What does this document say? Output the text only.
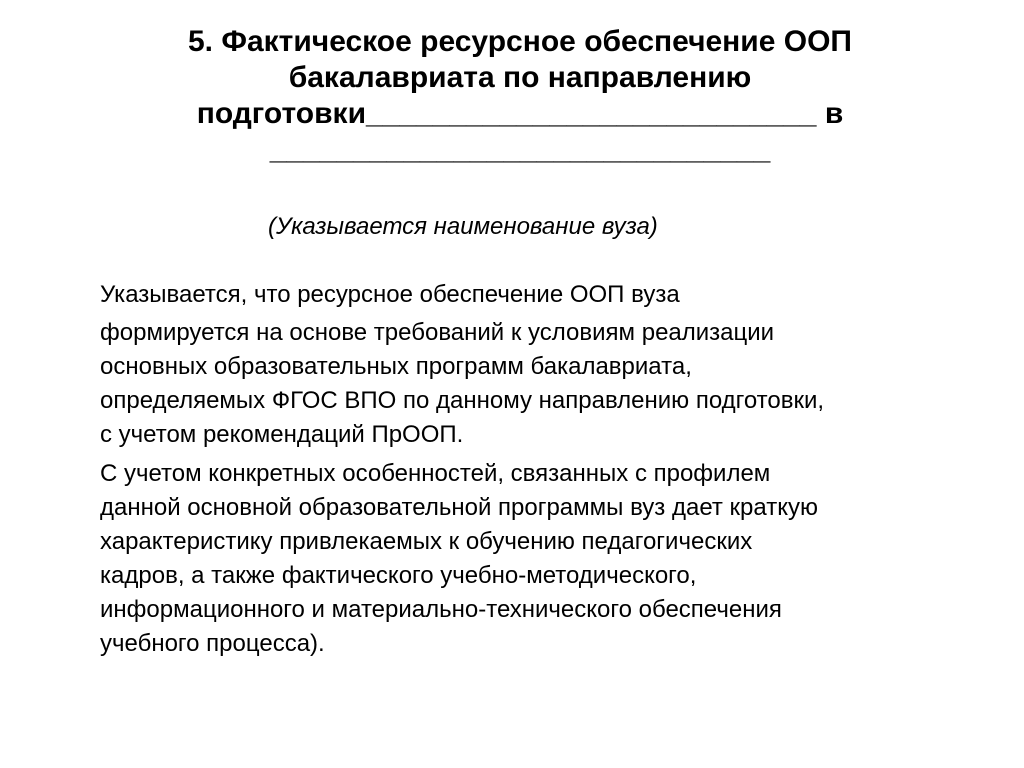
5. Фактическое ресурсное обеспечение ООП
бакалавриата по направлению
подготовки___________________________ в
______________________________
(Указывается наименование вуза)

Указывается, что ресурсное обеспечение ООП вуза
формируется на основе требований к условиям реализации
основных образовательных программ бакалавриата,
определяемых ФГОС ВПО по данному направлению подготовки,
с учетом рекомендаций ПрООП.

С учетом конкретных особенностей, связанных с профилем
данной основной образовательной программы вуз дает краткую
характеристику привлекаемых к обучению педагогических
кадров, а также фактического учебно-методического,
информационного и материально-технического обеспечения
учебного процесса).
